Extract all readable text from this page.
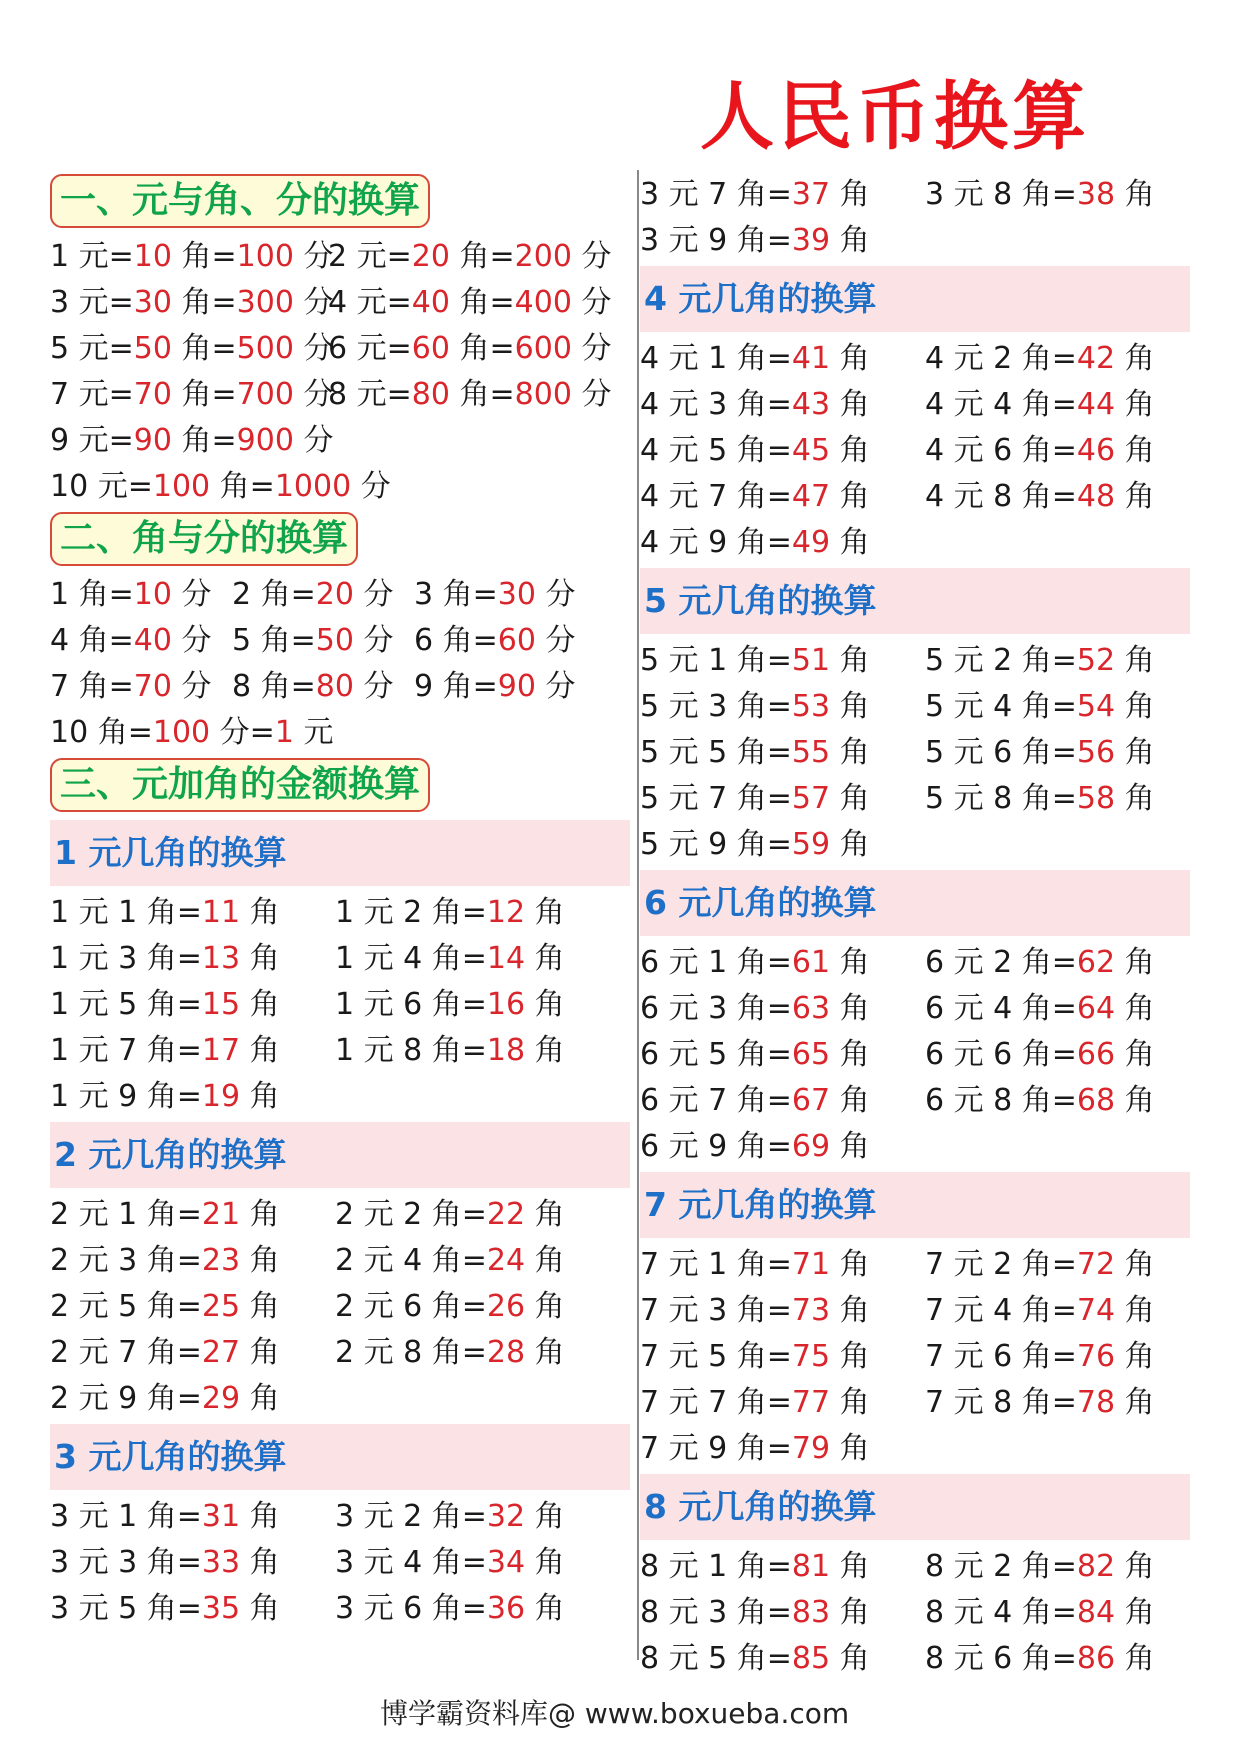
人民币换算
一、元与角、分的换算
1 元=10 角=100 分
2 元=20 角=200 分
3 元=30 角=300 分
4 元=40 角=400 分
5 元=50 角=500 分
6 元=60 角=600 分
7 元=70 角=700 分
8 元=80 角=800 分
9 元=90 角=900 分
10 元=100 角=1000 分
二、角与分的换算
1 角=10 分 2 角=20 分 3 角=30 分
4 角=40 分 5 角=50 分 6 角=60 分
7 角=70 分 8 角=80 分 9 角=90 分
10 角=100 分=1 元
三、元加角的金额换算
1 元几角的换算
1 元 1 角=11 角	1 元 2 角=12 角
1 元 3 角=13 角	1 元 4 角=14 角
1 元 5 角=15 角	1 元 6 角=16 角
1 元 7 角=17 角	1 元 8 角=18 角
1 元 9 角=19 角
2 元几角的换算
2 元 1 角=21 角	2 元 2 角=22 角
2 元 3 角=23 角	2 元 4 角=24 角
2 元 5 角=25 角	2 元 6 角=26 角
2 元 7 角=27 角	2 元 8 角=28 角
2 元 9 角=29 角
3 元几角的换算
3 元 1 角=31 角	3 元 2 角=32 角
3 元 3 角=33 角	3 元 4 角=34 角
3 元 5 角=35 角	3 元 6 角=36 角
3 元 7 角=37 角	3 元 8 角=38 角
3 元 9 角=39 角
4 元几角的换算
4 元 1 角=41 角	4 元 2 角=42 角
4 元 3 角=43 角	4 元 4 角=44 角
4 元 5 角=45 角	4 元 6 角=46 角
4 元 7 角=47 角	4 元 8 角=48 角
4 元 9 角=49 角
5 元几角的换算
5 元 1 角=51 角	5 元 2 角=52 角
5 元 3 角=53 角	5 元 4 角=54 角
5 元 5 角=55 角	5 元 6 角=56 角
5 元 7 角=57 角	5 元 8 角=58 角
5 元 9 角=59 角
6 元几角的换算
6 元 1 角=61 角	6 元 2 角=62 角
6 元 3 角=63 角	6 元 4 角=64 角
6 元 5 角=65 角	6 元 6 角=66 角
6 元 7 角=67 角	6 元 8 角=68 角
6 元 9 角=69 角
7 元几角的换算
7 元 1 角=71 角	7 元 2 角=72 角
7 元 3 角=73 角	7 元 4 角=74 角
7 元 5 角=75 角	7 元 6 角=76 角
7 元 7 角=77 角	7 元 8 角=78 角
7 元 9 角=79 角
8 元几角的换算
8 元 1 角=81 角	8 元 2 角=82 角
8 元 3 角=83 角	8 元 4 角=84 角
8 元 5 角=85 角	8 元 6 角=86 角
博学霸资料库@ www.boxueba.com
